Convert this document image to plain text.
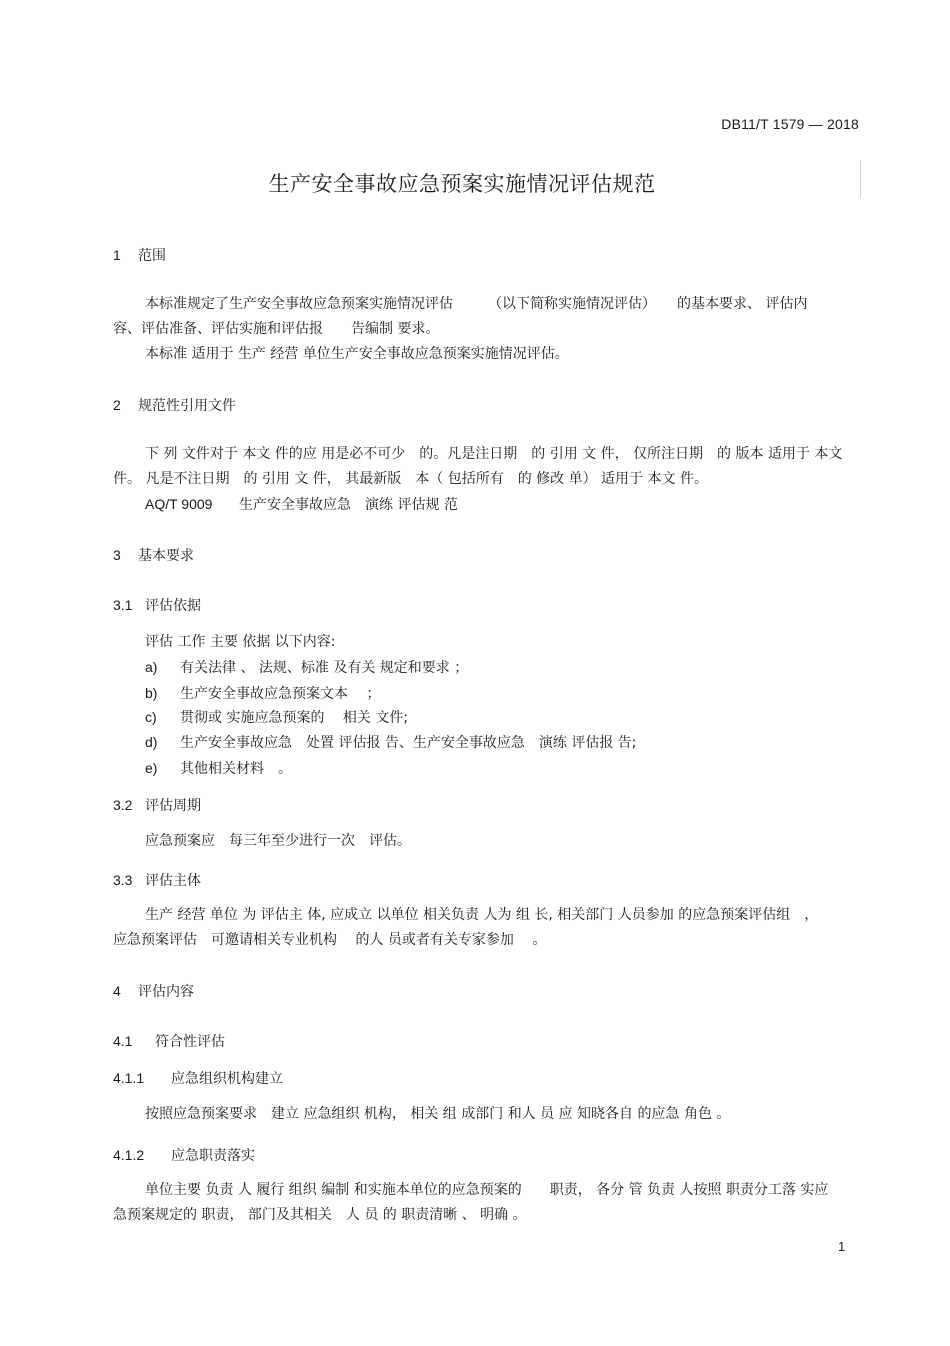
DB11/T 1579 — 2018
生产安全事故应急预案实施情况评估规范
1 范围
本标准规定了生产安全事故应急预案实施情况评估　　　（以下简称实施情况评估）　　的基本要求、 评估内
容、评估准备、评估实施和评估报　　告编制 要求。
本标准 适用于 生产 经营 单位生产安全事故应急预案实施情况评估。
2 规范性引用文件
下 列 文件对于 本文 件的应 用是必不可少　的。凡是注日期　的 引用 文 件， 仅所注日期　的 版本 适用于 本文
件。 凡是不注日期　的 引用 文 件， 其最新版　本（ 包括所有　的 修改 单） 适用于 本文 件。
AQ/T 9009 生产安全事故应急　演练 评估规 范
3 基本要求
3.1 评估依据
评估 工作 主要 依据 以下内容:
a) 有关法律 、 法规、标准 及有关 规定和要求 ；
b) 生产安全事故应急预案文本　 ；
c) 贯彻或 实施应急预案的　 相关 文件;
d) 生产安全事故应急　处置 评估报 告、生产安全事故应急　演练 评估报 告;
e) 其他相关材料　。
3.2 评估周期
应急预案应　每三年至少进行一次　评估。
3.3 评估主体
生产 经营 单位 为 评估主 体, 应成立 以单位 相关负责 人为 组 长, 相关部门 人员参加 的应急预案评估组　，
应急预案评估　可邀请相关专业机构　 的人 员或者有关专家参加　 。
4 评估内容
4.1 符合性评估
4.1.1 应急组织机构建立
按照应急预案要求　建立 应急组织 机构， 相关 组 成部门 和人 员 应 知晓各自 的应急 角色 。
4.1.2 应急职责落实
单位主要 负责 人 履行 组织 编制 和实施本单位的应急预案的　　职责， 各分 管 负责 人按照 职责分工落 实应
急预案规定的 职责， 部门及其相关　人 员 的 职责清晰 、 明确 。
1
